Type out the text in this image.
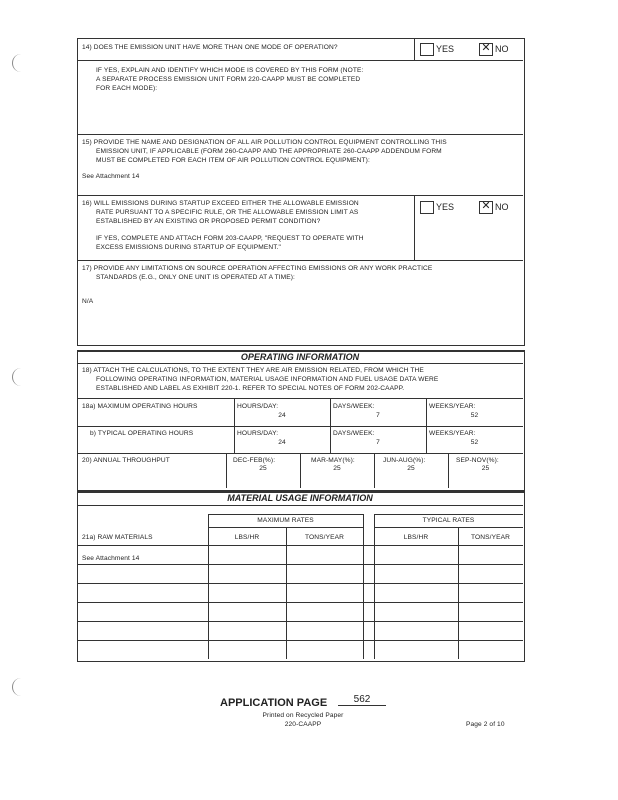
14) DOES THE EMISSION UNIT HAVE MORE THAN ONE MODE OF OPERATION?	YES ✕ NO
IF YES, EXPLAIN AND IDENTIFY WHICH MODE IS COVERED BY THIS FORM (NOTE:
A SEPARATE PROCESS EMISSION UNIT FORM 220-CAAPP MUST BE COMPLETED
FOR EACH MODE):
15) PROVIDE THE NAME AND DESIGNATION OF ALL AIR POLLUTION CONTROL EQUIPMENT CONTROLLING THIS
EMISSION UNIT, IF APPLICABLE (FORM 260-CAAPP AND THE APPROPRIATE 260-CAAPP ADDENDUM FORM
MUST BE COMPLETED FOR EACH ITEM OF AIR POLLUTION CONTROL EQUIPMENT):
See Attachment 14
16) WILL EMISSIONS DURING STARTUP EXCEED EITHER THE ALLOWABLE EMISSION
RATE PURSUANT TO A SPECIFIC RULE, OR THE ALLOWABLE EMISSION LIMIT AS
ESTABLISHED BY AN EXISTING OR PROPOSED PERMIT CONDITION?
IF YES, COMPLETE AND ATTACH FORM 203-CAAPP, "REQUEST TO OPERATE WITH
EXCESS EMISSIONS DURING STARTUP OF EQUIPMENT."
YES ✕ NO
17) PROVIDE ANY LIMITATIONS ON SOURCE OPERATION AFFECTING EMISSIONS OR ANY WORK PRACTICE
STANDARDS (E.G., ONLY ONE UNIT IS OPERATED AT A TIME):
N/A
OPERATING INFORMATION
18) ATTACH THE CALCULATIONS, TO THE EXTENT THEY ARE AIR EMISSION RELATED, FROM WHICH THE
FOLLOWING OPERATING INFORMATION, MATERIAL USAGE INFORMATION AND FUEL USAGE DATA WERE
ESTABLISHED AND LABEL AS EXHIBIT 220-1. REFER TO SPECIAL NOTES OF FORM 202-CAAPP.
18a) MAXIMUM OPERATING HOURS	HOURS/DAY:	DAYS/WEEK:	WEEKS/YEAR:
24	7	52
b) TYPICAL OPERATING HOURS	HOURS/DAY:	DAYS/WEEK:	WEEKS/YEAR:
24	7	52
20) ANNUAL THROUGHPUT	DEC-FEB(%):	MAR-MAY(%):	JUN-AUG(%):	SEP-NOV(%):
25	25	25	25
MATERIAL USAGE INFORMATION
MAXIMUM RATES	TYPICAL RATES
21a) RAW MATERIALS	LBS/HR	TONS/YEAR	LBS/HR	TONS/YEAR
See Attachment 14
APPLICATION PAGE	562
Printed on Recycled Paper
220-CAAPP	Page 2 of 10
